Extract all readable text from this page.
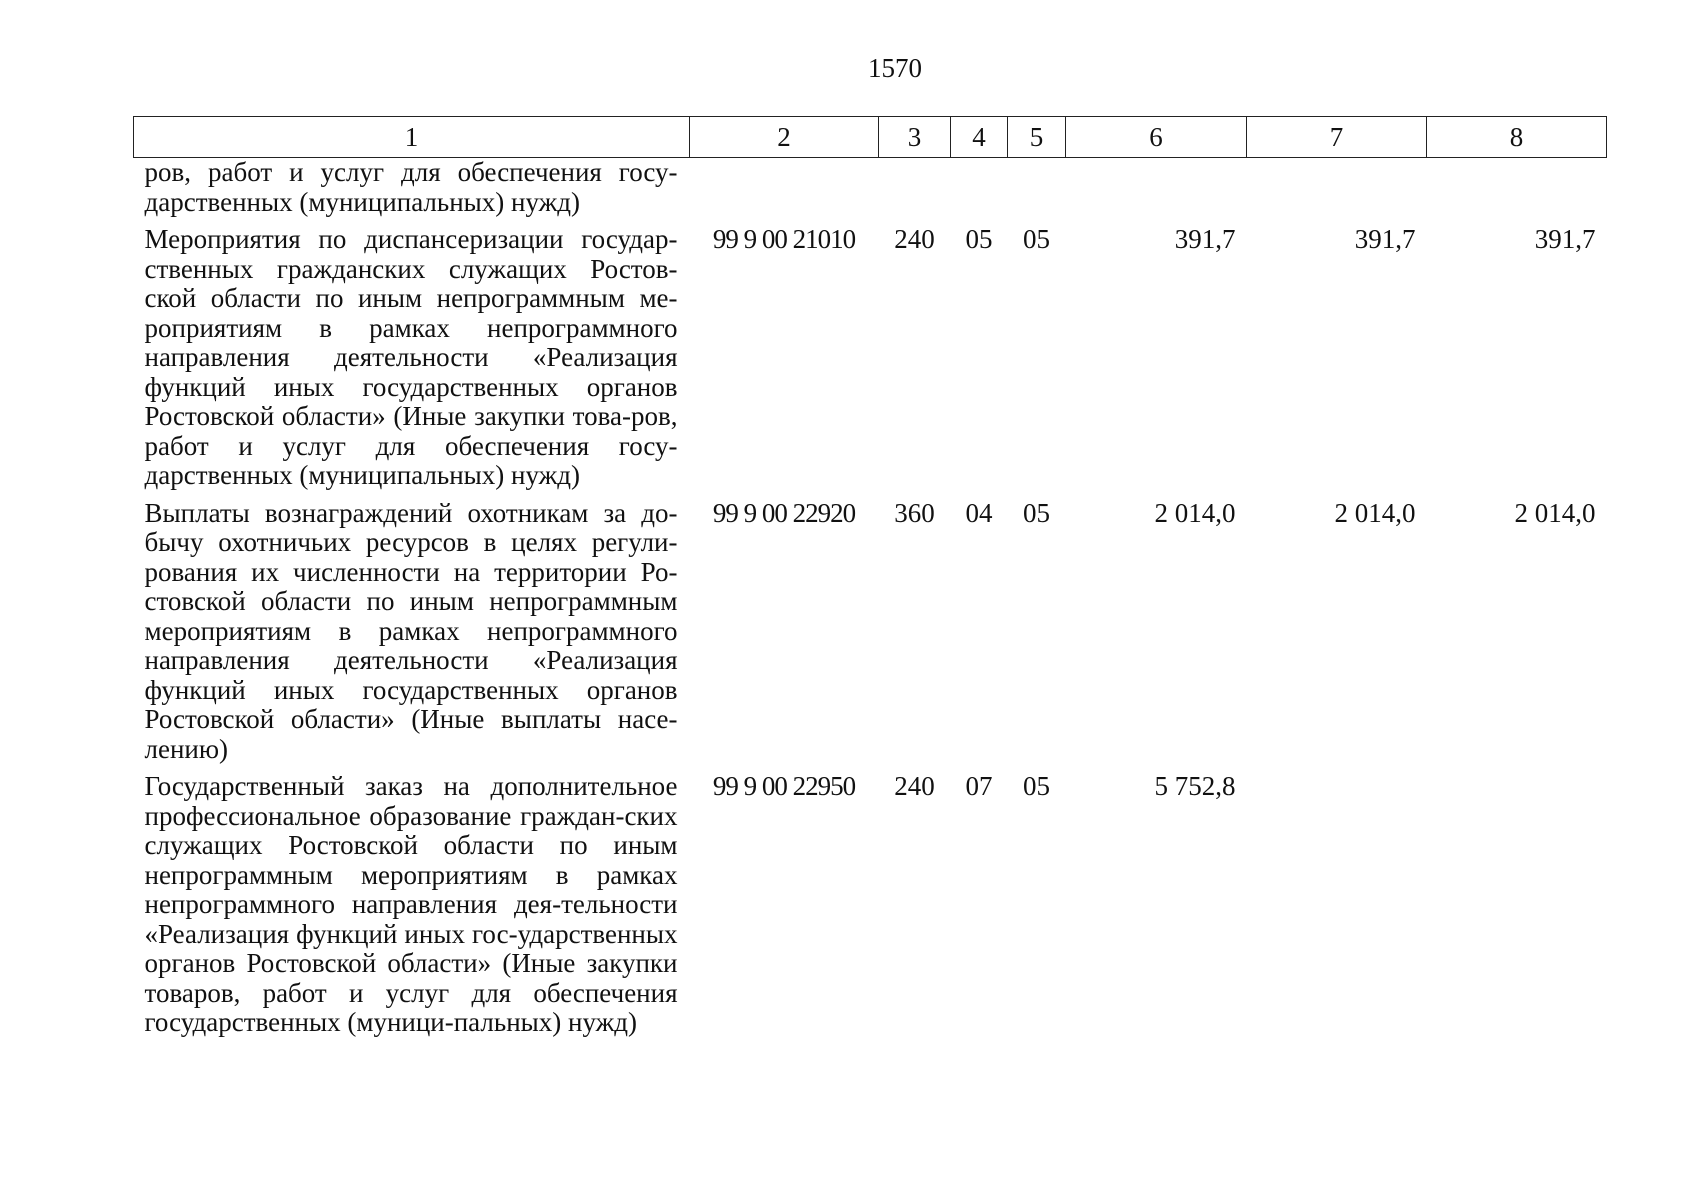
1570
1	2	3	4	5	6	7	8
ров, работ и услуг для обеспечения госу-дарственных (муниципальных) нужд)							
Мероприятия по диспансеризации государ-ственных гражданских служащих Ростов-ской области по иным непрограммным ме-роприятиям в рамках непрограммного направления деятельности «Реализация функций иных государственных органов Ростовской области» (Иные закупки това-ров, работ и услуг для обеспечения госу-дарственных (муниципальных) нужд)	99 9 00 21010	240	05	05	391,7	391,7	391,7
Выплаты вознаграждений охотникам за до-бычу охотничьих ресурсов в целях регули-рования их численности на территории Ро-стовской области по иным непрограммным мероприятиям в рамках непрограммного направления деятельности «Реализация функций иных государственных органов Ростовской области» (Иные выплаты насе-лению)	99 9 00 22920	360	04	05	2 014,0	2 014,0	2 014,0
Государственный заказ на дополнительное профессиональное образование граждан-ских служащих Ростовской области по иным непрограммным мероприятиям в рамках непрограммного направления дея-тельности «Реализация функций иных гос-ударственных органов Ростовской области» (Иные закупки товаров, работ и услуг для обеспечения государственных (муници-пальных) нужд)	99 9 00 22950	240	07	05	5 752,8		
